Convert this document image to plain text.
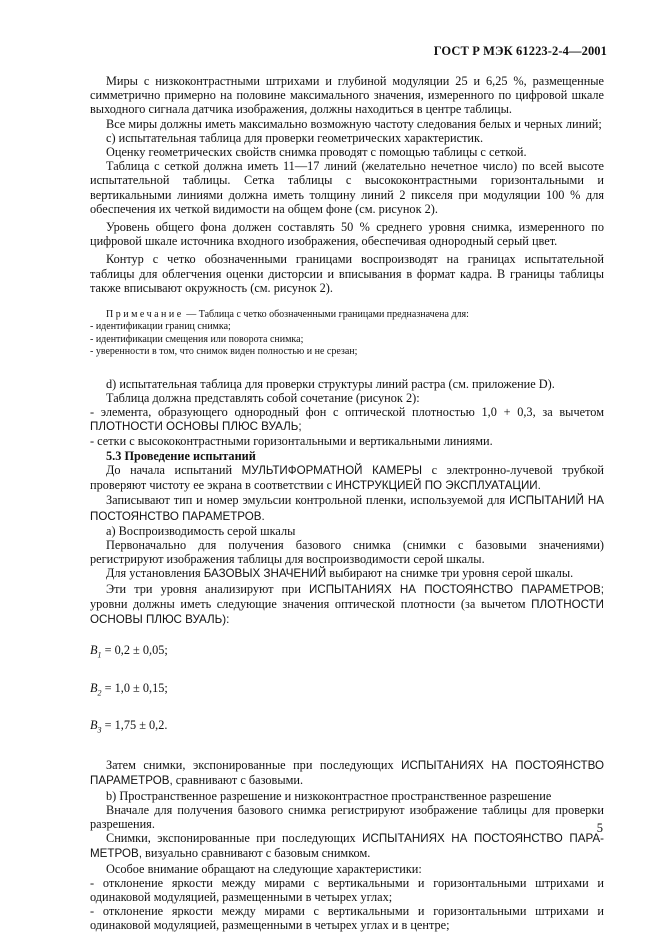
ГОСТ Р МЭК 61223-2-4—2001

Миры с низкоконтрастными штрихами и глубиной модуляции 25 и 6,25 %, размещенные симметрично примерно на половине максимального значения, измеренного по цифровой шкале выходного сигнала датчика изображения, должны находиться в центре таблицы.

Все миры должны иметь максимально возможную частоту следования белых и черных линий;

с) испытательная таблица для проверки геометрических характеристик.

Оценку геометрических свойств снимка проводят с помощью таблицы с сеткой.

Таблица с сеткой должна иметь 11—17 линий (желательно нечетное число) по всей высоте испытательной таблицы. Сетка таблицы с высококонтрастными горизонтальными и вертикальными линиями должна иметь толщину линий 2 пикселя при модуляции 100 % для обеспечения их четкой видимости на общем фоне (см. рисунок 2).

Уровень общего фона должен составлять 50 % среднего уровня снимка, измеренного по цифровой шкале источника входного изображения, обеспечивая однородный серый цвет.

Контур с четко обозначенными границами воспроизводят на границах испытательной таблицы для облегчения оценки дисторсии и вписывания в формат кадра. В границы таблицы также вписывают окружность (см. рисунок 2).

Примечание — Таблица с четко обозначенными границами предназначена для:

- идентификации границ снимка;

- идентификации смещения или поворота снимка;

- уверенности в том, что снимок виден полностью и не срезан;

d) испытательная таблица для проверки структуры линий растра (см. приложение D).

Таблица должна представлять собой сочетание (рисунок 2):

- элемента, образующего однородный фон с оптической плотностью 1,0 + 0,3, за вычетом ПЛОТНОСТИ ОСНОВЫ ПЛЮС ВУАЛЬ;

- сетки с высококонтрастными горизонтальными и вертикальными линиями.

5.3 Проведение испытаний

До начала испытаний МУЛЬТИФОРМАТНОЙ КАМЕРЫ с электронно-лучевой трубкой проверяют чистоту ее экрана в соответствии с ИНСТРУКЦИЕЙ ПО ЭКСПЛУАТАЦИИ.

Записывают тип и номер эмульсии контрольной пленки, используемой для ИСПЫТАНИЙ НА ПОСТОЯНСТВО ПАРАМЕТРОВ.

а) Воспроизводимость серой шкалы

Первоначально для получения базового снимка (снимки с базовыми значениями) регистрируют изображения таблицы для воспроизводимости серой шкалы.

Для установления БАЗОВЫХ ЗНАЧЕНИЙ выбирают на снимке три уровня серой шкалы.

Эти три уровня анализируют при ИСПЫТАНИЯХ НА ПОСТОЯНСТВО ПАРАМЕТРОВ; уровни должны иметь следующие значения оптической плотности (за вычетом ПЛОТНОСТИ ОСНОВЫ ПЛЮС ВУАЛЬ):

$B_1 = 0,2 \pm 0,05$;

$B_2 = 1,0 \pm 0,15$;

$B_3 = 1,75 \pm 0,2$.

Затем снимки, экспонированные при последующих ИСПЫТАНИЯХ НА ПОСТОЯНСТВО ПАРАМЕТРОВ, сравнивают с базовыми.

b) Пространственное разрешение и низкоконтрастное пространственное разрешение

Вначале для получения базового снимка регистрируют изображение таблицы для проверки разрешения.

Снимки, экспонированные при последующих ИСПЫТАНИЯХ НА ПОСТОЯНСТВО ПАРА-МЕТРОВ, визуально сравнивают с базовым снимком.

Особое внимание обращают на следующие характеристики:

- отклонение яркости между мирами с вертикальными и горизонтальными штрихами и одинаковой модуляцией, размещенными в четырех углах;

- отклонение яркости между мирами с вертикальными и горизонтальными штрихами и одинаковой модуляцией, размещенными в четырех углах и в центре;

5
